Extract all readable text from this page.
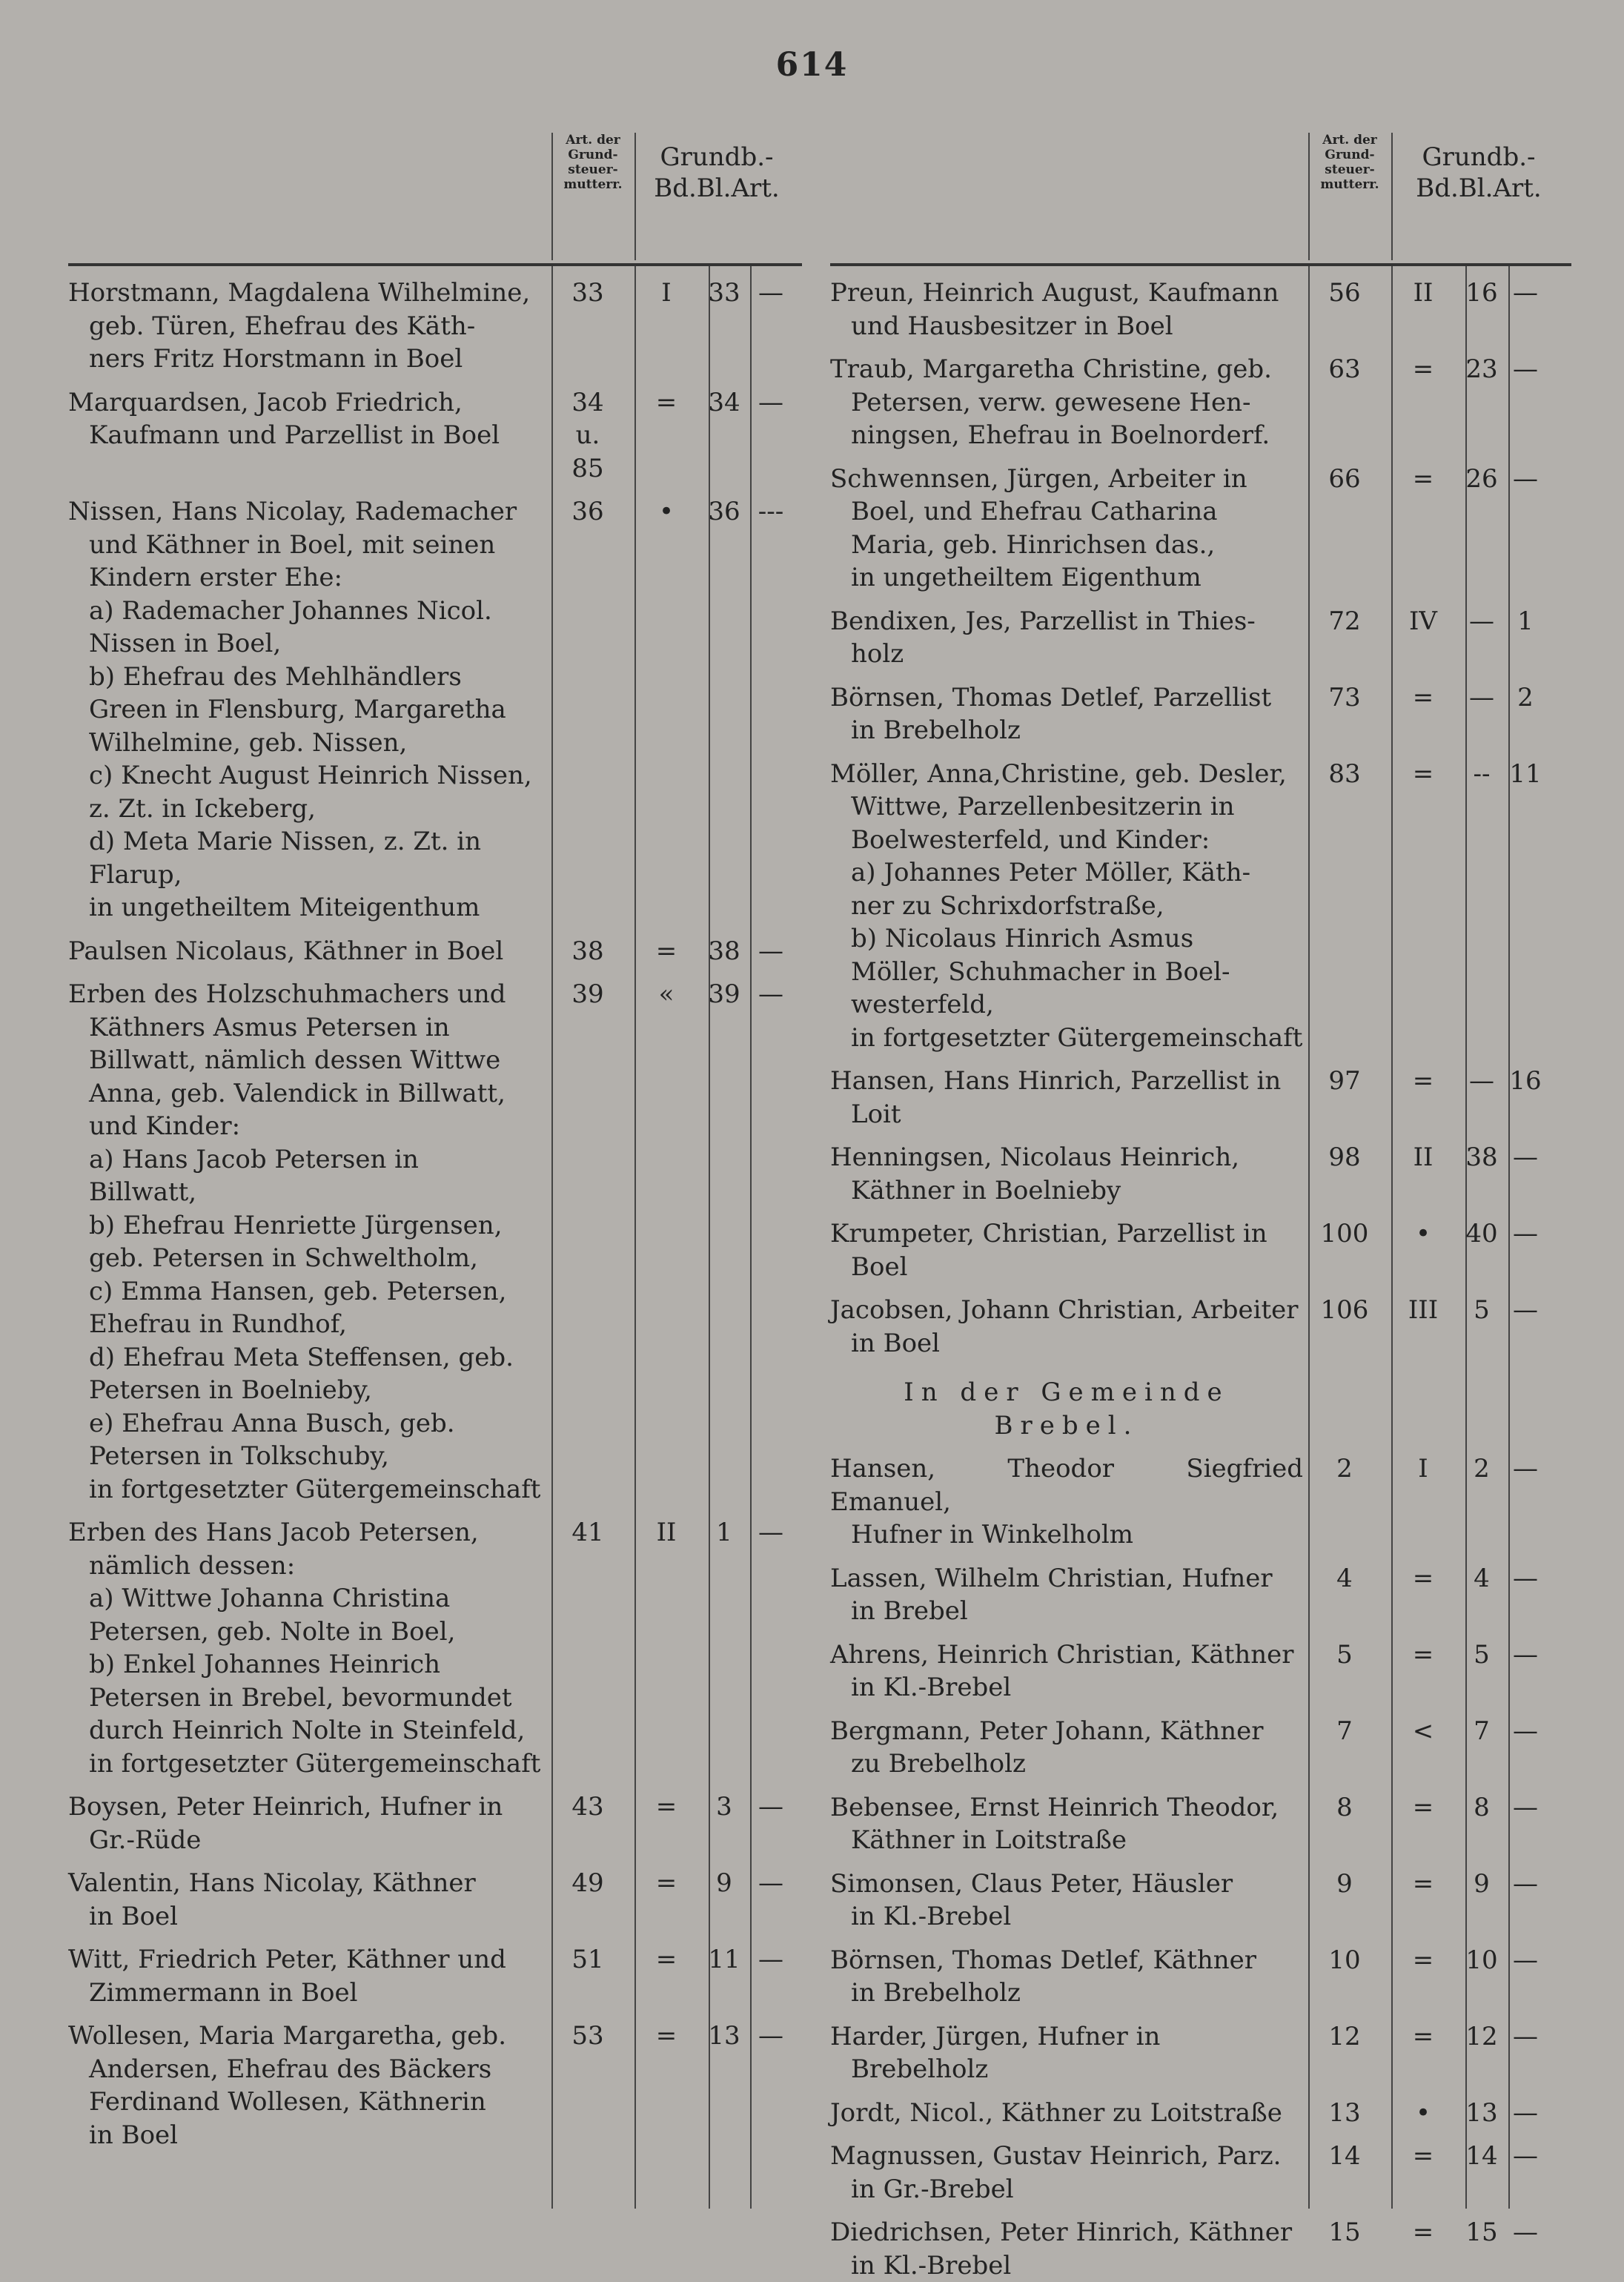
614
Art. der
Grund-
steuer-
mutterr.
Grundb.-
Bd.Bl.Art.
Horstmann, Magdalena Wilhelmine,
geb. Türen, Ehefrau des Käth-
ners Fritz Horstmann in Boel
33	I	33 —
Marquardsen, Jacob Friedrich,
Kaufmann und Parzellist in Boel
34
u.
85
=	34 —
Nissen, Hans Nicolay, Rademacher
und Käthner in Boel, mit seinen
Kindern erster Ehe:
a) Rademacher Johannes Nicol.
Nissen in Boel,
b) Ehefrau des Mehlhändlers
Green in Flensburg, Margaretha
Wilhelmine, geb. Nissen,
c) Knecht August Heinrich Nissen,
z. Zt. in Ickeberg,
d) Meta Marie Nissen, z. Zt. in
Flarup,
in ungetheiltem Miteigenthum
36	•	36 ---
Paulsen Nicolaus, Käthner in Boel	38	=	38 —
Erben des Holzschuhmachers und
Käthners Asmus Petersen in
Billwatt, nämlich dessen Wittwe
Anna, geb. Valendick in Billwatt,
und Kinder:
a) Hans Jacob Petersen in
Billwatt,
b) Ehefrau Henriette Jürgensen,
geb. Petersen in Schweltholm,
c) Emma Hansen, geb. Petersen,
Ehefrau in Rundhof,
d) Ehefrau Meta Steffensen, geb.
Petersen in Boelnieby,
e) Ehefrau Anna Busch, geb.
Petersen in Tolkschuby,
in fortgesetzter Gütergemeinschaft
39	«	39 —
Erben des Hans Jacob Petersen,
nämlich dessen:
a) Wittwe Johanna Christina
Petersen, geb. Nolte in Boel,
b) Enkel Johannes Heinrich
Petersen in Brebel, bevormundet
durch Heinrich Nolte in Steinfeld,
in fortgesetzter Gütergemeinschaft
41	II	1	—
Boysen, Peter Heinrich, Hufner in
Gr.-Rüde
43	=	3	—
Valentin, Hans Nicolay, Käthner
in Boel
49	=	9	—
Witt, Friedrich Peter, Käthner und
Zimmermann in Boel
51	=	11 —
Wollesen, Maria Margaretha, geb.
Andersen, Ehefrau des Bäckers
Ferdinand Wollesen, Käthnerin
in Boel
53	=	13 —
Art. der
Grund-
steuer-
mutterr.
Grundb.-
Bd.Bl.Art.
Preun, Heinrich August, Kaufmann
und Hausbesitzer in Boel
56	II	16 —
Traub, Margaretha Christine, geb.
Petersen, verw. gewesene Hen-
ningsen, Ehefrau in Boelnorderf.
63	=	23 —
Schwennsen, Jürgen, Arbeiter in
Boel, und Ehefrau Catharina
Maria, geb. Hinrichsen das.,
in ungetheiltem Eigenthum
66	=	26 —
Bendixen, Jes, Parzellist in Thies-
holz
72	IV	— 1
Börnsen, Thomas Detlef, Parzellist
in Brebelholz
73	=	— 2
Möller, Anna,Christine, geb. Desler,
Wittwe, Parzellenbesitzerin in
Boelwesterfeld, und Kinder:
a) Johannes Peter Möller, Käth-
ner zu Schrixdorfstraße,
b) Nicolaus Hinrich Asmus
Möller, Schuhmacher in Boel-
westerfeld,
in fortgesetzter Gütergemeinschaft
83	=	-- 11
Hansen, Hans Hinrich, Parzellist in
Loit
97	=	— 16
Henningsen, Nicolaus Heinrich,
Käthner in Boelnieby
98	II	38 —
Krumpeter, Christian, Parzellist in
Boel
100	•	40 —
Jacobsen, Johann Christian, Arbeiter
in Boel
106	III	5 —
In der Gemeinde
Brebel.
Hansen, Theodor Siegfried Emanuel,
Hufner in Winkelholm
2	I	2 —
Lassen, Wilhelm Christian, Hufner
in Brebel
4	=	4 —
Ahrens, Heinrich Christian, Käthner
in Kl.-Brebel
5	=	5 —
Bergmann, Peter Johann, Käthner
zu Brebelholz
7	<	7 —
Bebensee, Ernst Heinrich Theodor,
Käthner in Loitstraße
8	=	8 —
Simonsen, Claus Peter, Häusler
in Kl.-Brebel
9	=	9 —
Börnsen, Thomas Detlef, Käthner
in Brebelholz
10	=	10 —
Harder, Jürgen, Hufner in
Brebelholz
12	=	12 —
Jordt, Nicol., Käthner zu Loitstraße	13	•	13 —
Magnussen, Gustav Heinrich, Parz.
in Gr.-Brebel
14	=	14 —
Diedrichsen, Peter Hinrich, Käthner
in Kl.-Brebel
15	=	15 —
